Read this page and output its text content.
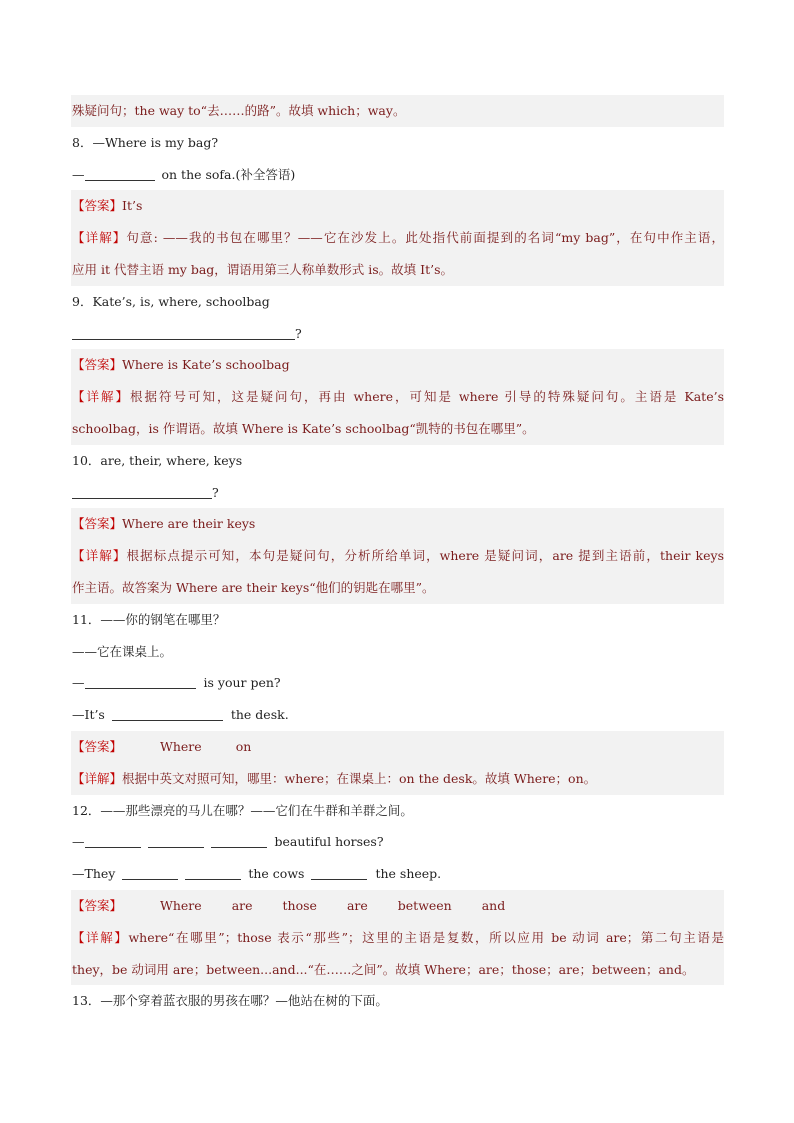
殊疑问句；the way to“去……的路”。故填 which；way。
8．—Where is my bag?
—	on the sofa.(补全答语)
【答案】It’s
【详解】句意: ——我的书包在哪里？——它在沙发上。此处指代前面提到的名词“my bag”，在句中作主语，
应用 it 代替主语 my bag，谓语用第三人称单数形式 is。故填 It’s。
9．Kate’s, is, where, schoolbag
?
【答案】Where is Kate’s schoolbag
【详解】根据符号可知，这是疑问句，再由 where，可知是 where 引导的特殊疑问句。主语是 Kate’s
schoolbag，is 作谓语。故填 Where is Kate’s schoolbag“凯特的书包在哪里”。
10．are, their, where, keys
?
【答案】Where are their keys
【详解】根据标点提示可知，本句是疑问句，分析所给单词，where 是疑问词，are 提到主语前，their keys
作主语。故答案为 Where are their keys“他们的钥匙在哪里”。
11．——你的钢笔在哪里？
——它在课桌上。
—	is your pen?
—It’s	the desk.
【答案】	Where	on
【详解】根据中英文对照可知，哪里：where；在课桌上：on the desk。故填 Where；on。
12．——那些漂亮的马儿在哪？——它们在牛群和羊群之间。
—	beautiful horses?
—They	the cows	the sheep.
【答案】	Where are those are between and
【详解】where“在哪里”；those 表示“那些”；这里的主语是复数，所以应用 be 动词 are；第二句主语是
they，be 动词用 are；between...and...“在……之间”。故填 Where；are；those；are；between；and。
13．—那个穿着蓝衣服的男孩在哪？—他站在树的下面。
